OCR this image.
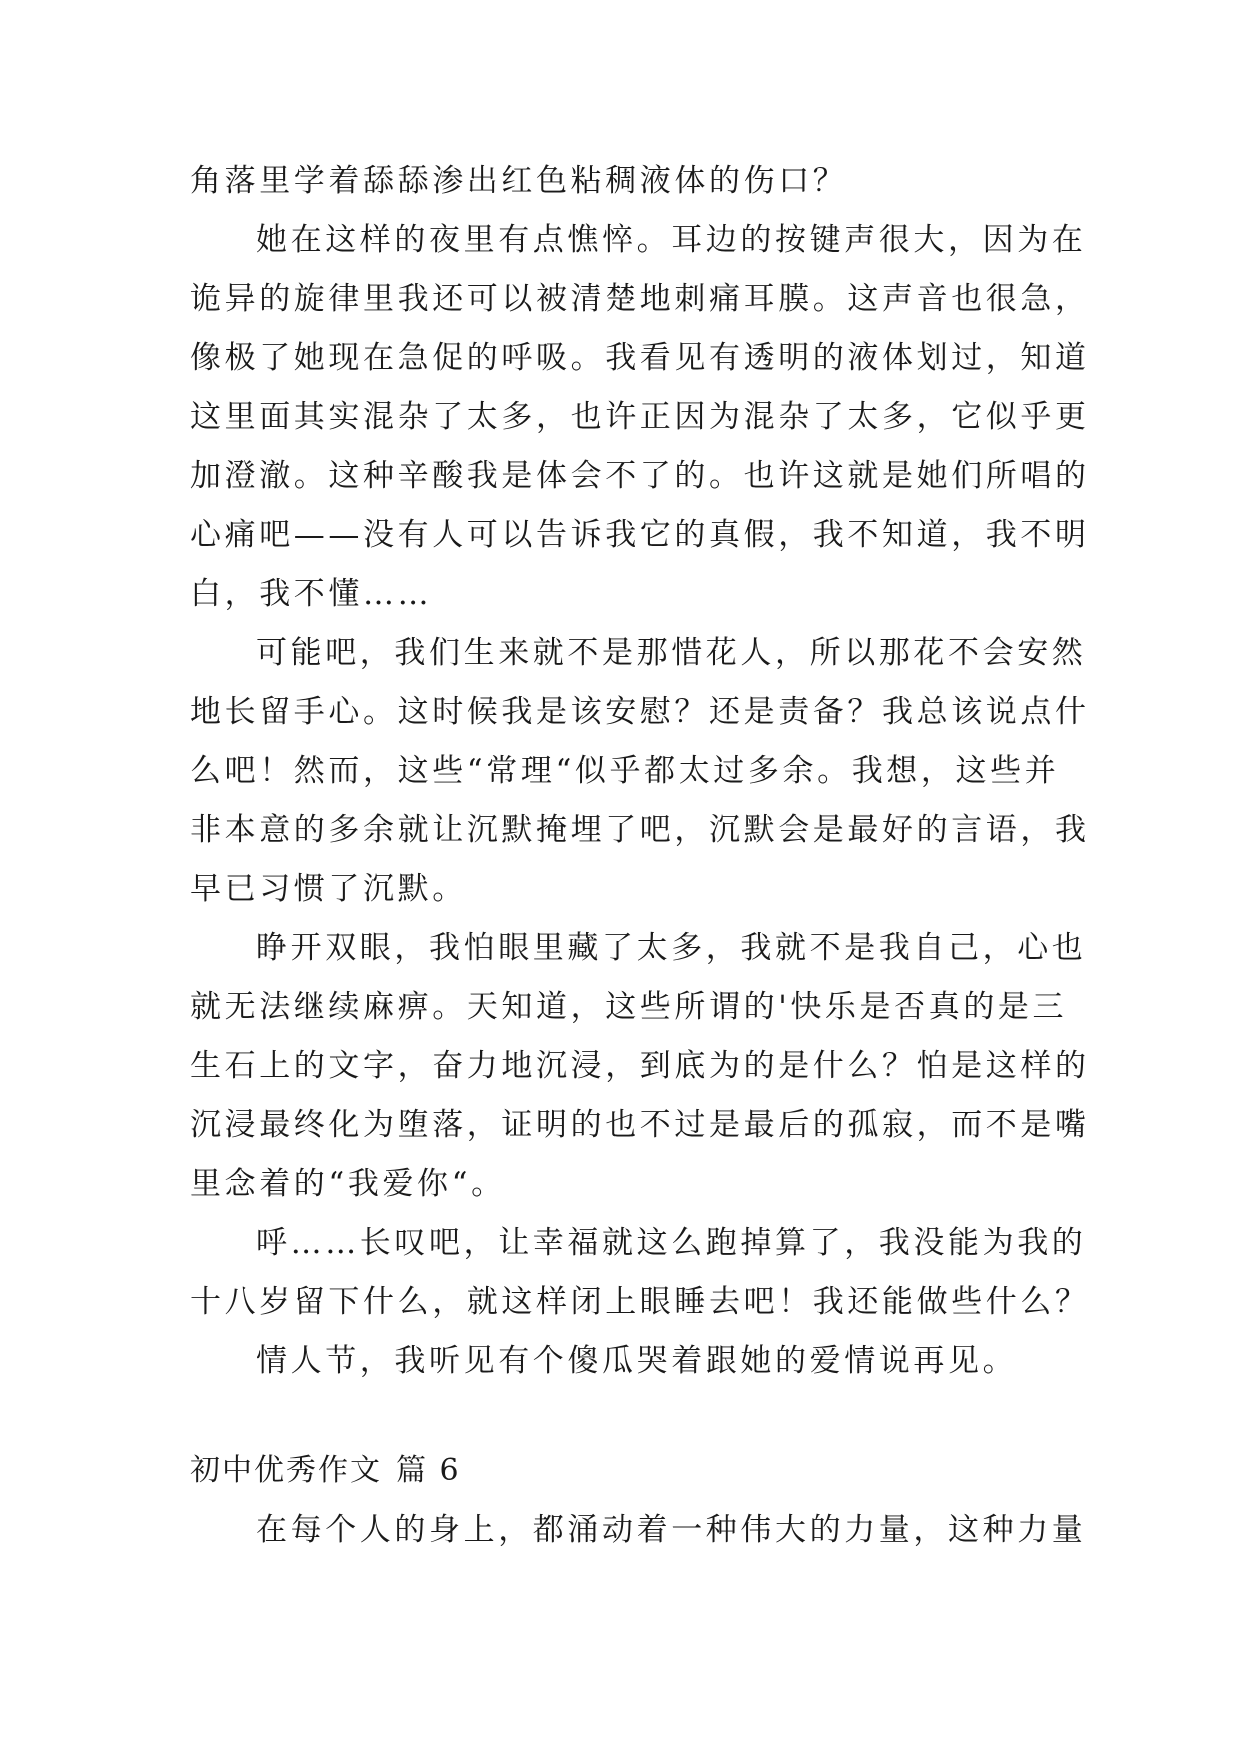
角落里学着舔舔渗出红色粘稠液体的伤口？
她在这样的夜里有点憔悴。耳边的按键声很大，因为在
诡异的旋律里我还可以被清楚地刺痛耳膜。这声音也很急，
像极了她现在急促的呼吸。我看见有透明的液体划过，知道
这里面其实混杂了太多，也许正因为混杂了太多，它似乎更
加澄澈。这种辛酸我是体会不了的。也许这就是她们所唱的
心痛吧——没有人可以告诉我它的真假，我不知道，我不明
白，我不懂……
可能吧，我们生来就不是那惜花人，所以那花不会安然
地长留手心。这时候我是该安慰？还是责备？我总该说点什
么吧！然而，这些“常理“似乎都太过多余。我想，这些并
非本意的多余就让沉默掩埋了吧，沉默会是最好的言语，我
早已习惯了沉默。
睁开双眼，我怕眼里藏了太多，我就不是我自己，心也
就无法继续麻痹。天知道，这些所谓的'快乐是否真的是三
生石上的文字，奋力地沉浸，到底为的是什么？怕是这样的
沉浸最终化为堕落，证明的也不过是最后的孤寂，而不是嘴
里念着的“我爱你“。
呼……长叹吧，让幸福就这么跑掉算了，我没能为我的
十八岁留下什么，就这样闭上眼睡去吧！我还能做些什么？
情人节，我听见有个傻瓜哭着跟她的爱情说再见。
初中优秀作文 篇 6
在每个人的身上，都涌动着一种伟大的力量，这种力量
